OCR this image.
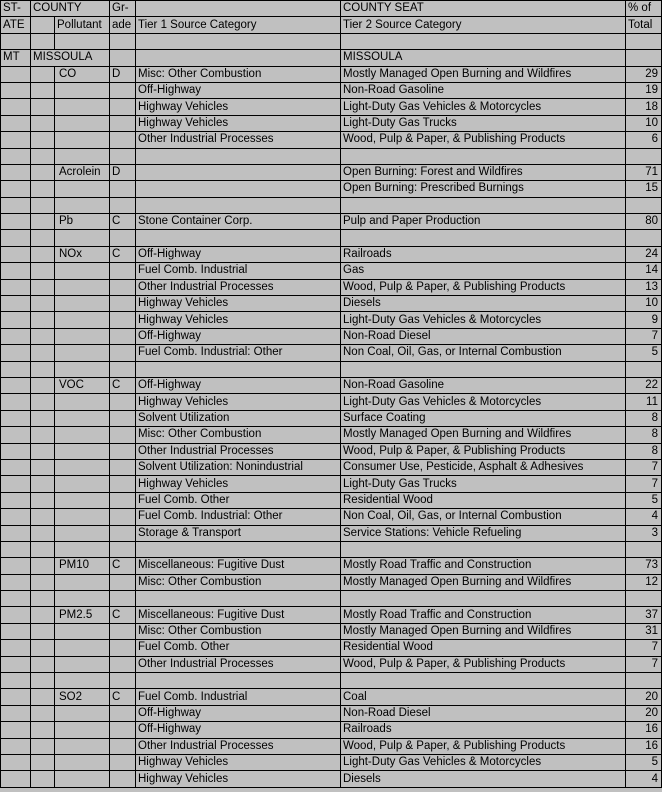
ST-	COUNTY		Gr-		COUNTY SEAT	% of
ATE		Pollutant	ade	Tier 1 Source Category	Tier 2 Source Category	Total

MT	MISSOULA				MISSOULA	
		CO	D	Misc: Other Combustion	Mostly Managed Open Burning and Wildfires	29
				Off-Highway	Non-Road Gasoline	19
				Highway Vehicles	Light-Duty Gas Vehicles & Motorcycles	18
				Highway Vehicles	Light-Duty Gas Trucks	10
				Other Industrial Processes	Wood, Pulp & Paper, & Publishing Products	6

		Acrolein	D		Open Burning: Forest and Wildfires	71
					Open Burning: Prescribed Burnings	15

		Pb	C	Stone Container Corp.	Pulp and Paper Production	80

		NOx	C	Off-Highway	Railroads	24
				Fuel Comb. Industrial	Gas	14
				Other Industrial Processes	Wood, Pulp & Paper, & Publishing Products	13
				Highway Vehicles	Diesels	10
				Highway Vehicles	Light-Duty Gas Vehicles & Motorcycles	9
				Off-Highway	Non-Road Diesel	7
				Fuel Comb. Industrial: Other	Non Coal, Oil, Gas, or Internal Combustion	5

		VOC	C	Off-Highway	Non-Road Gasoline	22
				Highway Vehicles	Light-Duty Gas Vehicles & Motorcycles	11
				Solvent Utilization	Surface Coating	8
				Misc: Other Combustion	Mostly Managed Open Burning and Wildfires	8
				Other Industrial Processes	Wood, Pulp & Paper, & Publishing Products	8
				Solvent Utilization: Nonindustrial	Consumer Use, Pesticide, Asphalt & Adhesives	7
				Highway Vehicles	Light-Duty Gas Trucks	7
				Fuel Comb. Other	Residential Wood	5
				Fuel Comb. Industrial: Other	Non Coal, Oil, Gas, or Internal Combustion	4
				Storage & Transport	Service Stations: Vehicle Refueling	3

		PM10	C	Miscellaneous: Fugitive Dust	Mostly Road Traffic and Construction	73
				Misc: Other Combustion	Mostly Managed Open Burning and Wildfires	12

		PM2.5	C	Miscellaneous: Fugitive Dust	Mostly Road Traffic and Construction	37
				Misc: Other Combustion	Mostly Managed Open Burning and Wildfires	31
				Fuel Comb. Other	Residential Wood	7
				Other Industrial Processes	Wood, Pulp & Paper, & Publishing Products	7

		SO2	C	Fuel Comb. Industrial	Coal	20
				Off-Highway	Non-Road Diesel	20
				Off-Highway	Railroads	16
				Other Industrial Processes	Wood, Pulp & Paper, & Publishing Products	16
				Highway Vehicles	Light-Duty Gas Vehicles & Motorcycles	5
				Highway Vehicles	Diesels	4
